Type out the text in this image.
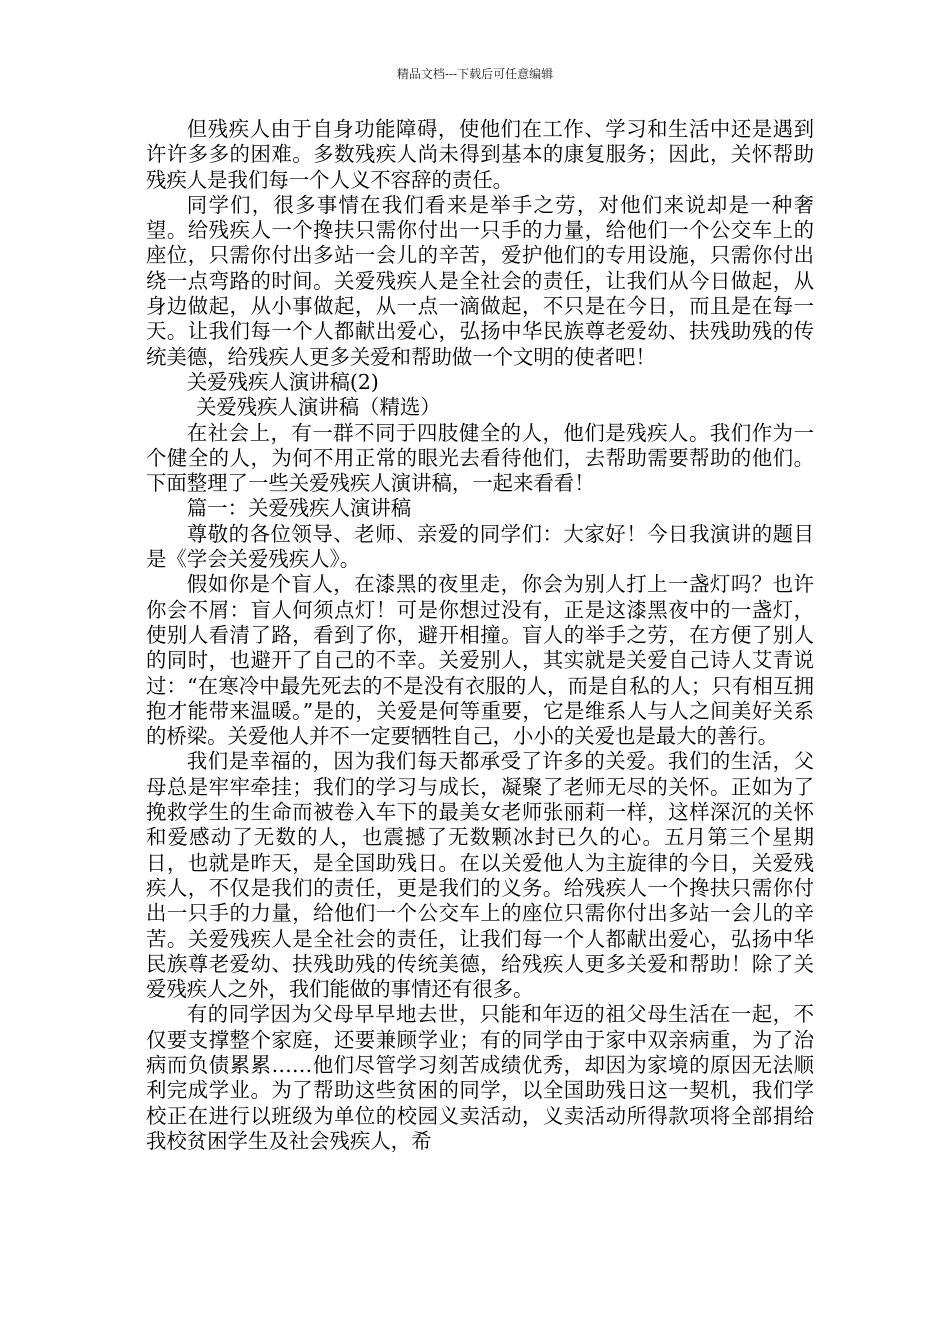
精品文档---下载后可任意编辑

但残疾人由于自身功能障碍，使他们在工作、学习和生活中还是遇到许许多多的困难。多数残疾人尚未得到基本的康复服务；因此，关怀帮助残疾人是我们每一个人义不容辞的责任。

同学们，很多事情在我们看来是举手之劳，对他们来说却是一种奢望。给残疾人一个搀扶只需你付出一只手的力量，给他们一个公交车上的座位，只需你付出多站一会儿的辛苦，爱护他们的专用设施，只需你付出绕一点弯路的时间。关爱残疾人是全社会的责任，让我们从今日做起，从身边做起，从小事做起，从一点一滴做起，不只是在今日，而且是在每一天。让我们每一个人都献出爱心，弘扬中华民族尊老爱幼、扶残助残的传统美德，给残疾人更多关爱和帮助做一个文明的使者吧！

关爱残疾人演讲稿(2)

关爱残疾人演讲稿（精选）

在社会上，有一群不同于四肢健全的人，他们是残疾人。我们作为一个健全的人，为何不用正常的眼光去看待他们，去帮助需要帮助的他们。下面整理了一些关爱残疾人演讲稿，一起来看看！

篇一：关爱残疾人演讲稿

尊敬的各位领导、老师、亲爱的同学们：大家好！今日我演讲的题目是《学会关爱残疾人》。

假如你是个盲人，在漆黑的夜里走，你会为别人打上一盏灯吗？也许你会不屑：盲人何须点灯！可是你想过没有，正是这漆黑夜中的一盏灯，使别人看清了路，看到了你，避开相撞。盲人的举手之劳，在方便了别人的同时，也避开了自己的不幸。关爱别人，其实就是关爱自己诗人艾青说过：“在寒冷中最先死去的不是没有衣服的人，而是自私的人；只有相互拥抱才能带来温暖。”是的，关爱是何等重要，它是维系人与人之间美好关系的桥梁。关爱他人并不一定要牺牲自己，小小的关爱也是最大的善行。

我们是幸福的，因为我们每天都承受了许多的关爱。我们的生活，父母总是牢牢牵挂；我们的学习与成长，凝聚了老师无尽的关怀。正如为了挽救学生的生命而被卷入车下的最美女老师张丽莉一样，这样深沉的关怀和爱感动了无数的人，也震撼了无数颗冰封已久的心。五月第三个星期日，也就是昨天，是全国助残日。在以关爱他人为主旋律的今日，关爱残疾人，不仅是我们的责任，更是我们的义务。给残疾人一个搀扶只需你付出一只手的力量，给他们一个公交车上的座位只需你付出多站一会儿的辛苦。关爱残疾人是全社会的责任，让我们每一个人都献出爱心，弘扬中华民族尊老爱幼、扶残助残的传统美德，给残疾人更多关爱和帮助！除了关爱残疾人之外，我们能做的事情还有很多。

有的同学因为父母早早地去世，只能和年迈的祖父母生活在一起，不仅要支撑整个家庭，还要兼顾学业；有的同学由于家中双亲病重，为了治病而负债累累……他们尽管学习刻苦成绩优秀，却因为家境的原因无法顺利完成学业。为了帮助这些贫困的同学，以全国助残日这一契机，我们学校正在进行以班级为单位的校园义卖活动，义卖活动所得款项将全部捐给我校贫困学生及社会残疾人，希
